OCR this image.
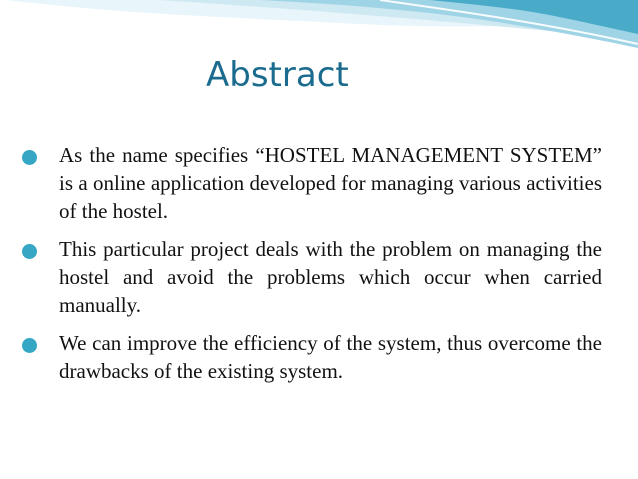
Abstract
As the name specifies “HOSTEL MANAGEMENT SYSTEM” is a online application developed for managing various activities of the hostel.
This particular project deals with the problem on managing the hostel and avoid the problems which occur when carried manually.
We can improve the efficiency of the system, thus overcome the drawbacks of the existing system.
